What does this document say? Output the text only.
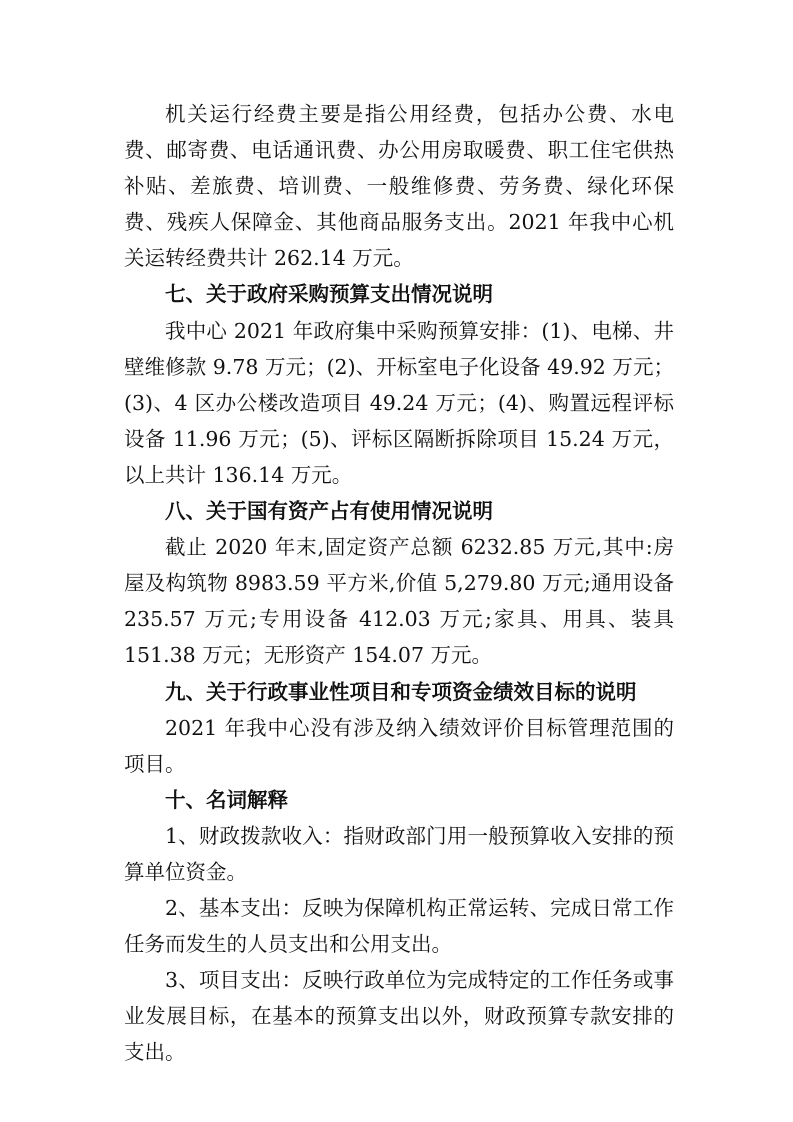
机关运行经费主要是指公用经费，包括办公费、水电费、邮寄费、电话通讯费、办公用房取暖费、职工住宅供热补贴、差旅费、培训费、一般维修费、劳务费、绿化环保费、残疾人保障金、其他商品服务支出。2021 年我中心机关运转经费共计 262.14 万元。

七、关于政府采购预算支出情况说明

我中心 2021 年政府集中采购预算安排：(1)、电梯、井壁维修款 9.78 万元；(2)、开标室电子化设备 49.92 万元；(3)、4 区办公楼改造项目 49.24 万元；(4)、购置远程评标设备 11.96 万元；(5)、评标区隔断拆除项目 15.24 万元，以上共计 136.14 万元。

八、关于国有资产占有使用情况说明

截止 2020 年末,固定资产总额 6232.85 万元,其中:房屋及构筑物 8983.59 平方米,价值 5,279.80 万元;通用设备 235.57 万元;专用设备 412.03 万元;家具、用具、装具 151.38 万元；无形资产 154.07 万元。

九、关于行政事业性项目和专项资金绩效目标的说明

2021 年我中心没有涉及纳入绩效评价目标管理范围的项目。

十、名词解释

1、财政拨款收入：指财政部门用一般预算收入安排的预算单位资金。

2、基本支出：反映为保障机构正常运转、完成日常工作任务而发生的人员支出和公用支出。

3、项目支出：反映行政单位为完成特定的工作任务或事业发展目标，在基本的预算支出以外，财政预算专款安排的支出。
